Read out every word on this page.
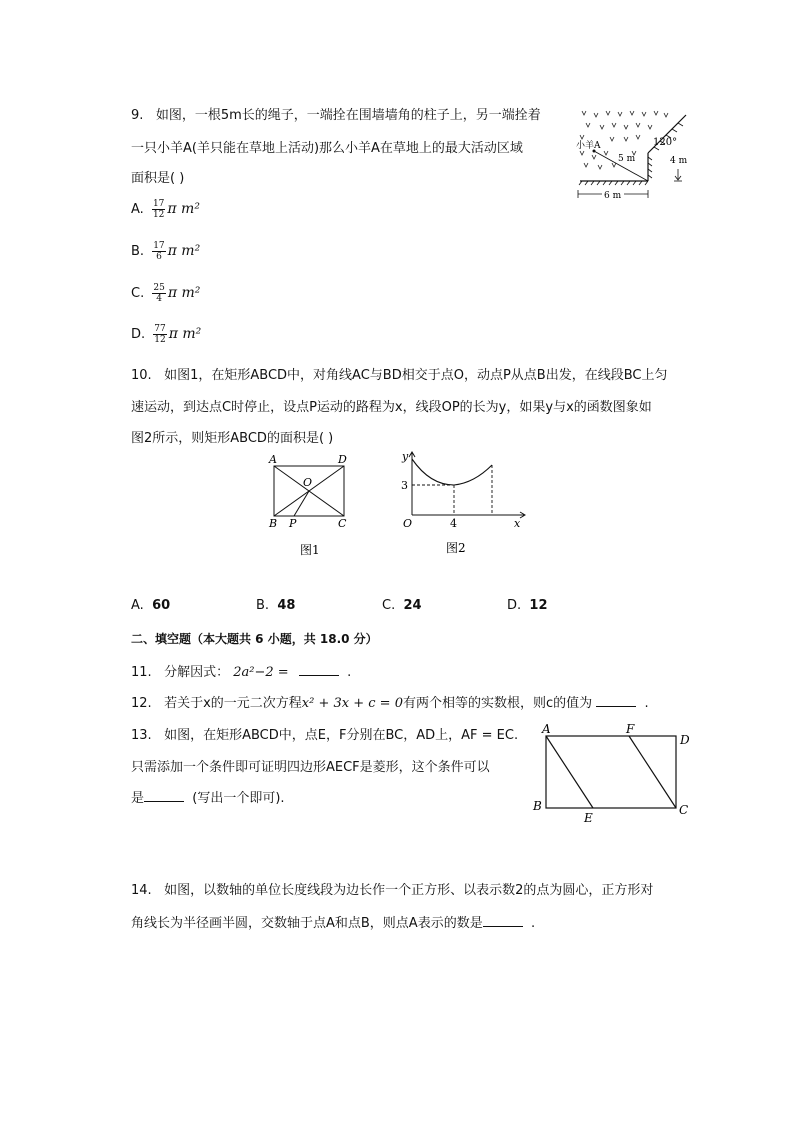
9. 如图，一根5m长的绳子，一端拴在围墙墙角的柱子上，另一端拴着
一只小羊A(羊只能在草地上活动)那么小羊A在草地上的最大活动区域
面积是( )
小羊A
5 m
120°
4 m
6 m
A. $\frac{17}{12}$ π m²
B. $\frac{17}{6}$ π m²
C. $\frac{25}{4}$ π m²
D. $\frac{77}{12}$ π m²
10. 如图1，在矩形ABCD中，对角线AC与BD相交于点O，动点P从点B出发，在线段BC上匀
速运动，到达点C时停止，设点P运动的路程为x，线段OP的长为y，如果y与x的函数图象如
图2所示，则矩形ABCD的面积是( )
A	D
O
B P	C
图1
y
3
O	4	x
图2
A. 60	B. 48	C. 24	D. 12
二、填空题（本大题共 6 小题，共 18.0 分）
11. 分解因式： 2a²−2 =	.
12. 若关于x的一元二次方程x² + 3x + c = 0有两个相等的实数根，则c的值为	.
13. 如图，在矩形ABCD中，点E，F分别在BC，AD上，AF = EC.
只需添加一个条件即可证明四边形AECF是菱形，这个条件可以
是	(写出一个即可).
A	F
D
B
E
C
14. 如图，以数轴的单位长度线段为边长作一个正方形、以表示数2的点为圆心，正方形对
角线长为半径画半圆，交数轴于点A和点B，则点A表示的数是	.
